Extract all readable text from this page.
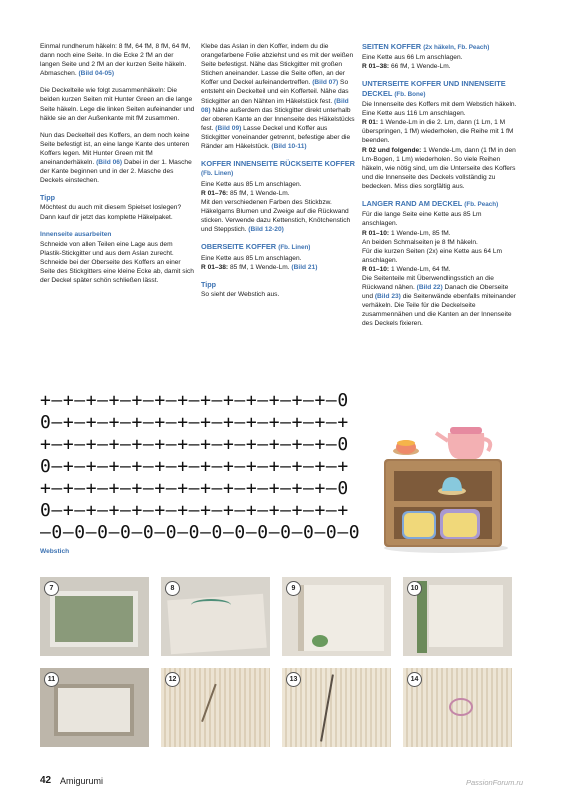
Einmal rundherum häkeln: 8 fM, 64 fM, 8 fM, 64 fM, dann noch eine Seite. In die Ecke 2 fM an der langen Seite und 2 fM an der kurzen Seite häkeln. Abmaschen. (Bild 04-05)

Die Deckelteile wie folgt zusammenhäkeln: Die beiden kurzen Seiten mit Hunter Green an die lange Seite häkeln. Lege die linken Seiten aufeinander und häkle sie an der Außenkante mit fM zusammen.

Nun das Deckelteil des Koffers, an dem noch keine Seite befestigt ist, an eine lange Kante des unteren Koffers legen. Mit Hunter Green mit fM aneinanderhäkeln. (Bild 06) Dabei in der 1. Masche der Kante beginnen und in der 2. Masche des Deckels einstechen.

Tipp

Möchtest du auch mit diesem Spielset loslegen? Dann kauf dir jetzt das komplette Häkelpaket.

Innenseite ausarbeiten

Schneide von allen Teilen eine Lage aus dem Plastik-Stickgitter und aus dem Aslan zurecht. Schneide bei der Oberseite des Koffers an einer Seite des Stickgitters eine kleine Ecke ab, damit sich der Deckel später schön schließen lässt.

Klebe das Aslan in den Koffer, indem du die orangefarbene Folie abziehst und es mit der weißen Seite befestigst. Nähe das Stickgitter mit großen Stichen aneinander. Lasse die Seite offen, an der Koffer und Deckel aufeinandertreffen. (Bild 07) So entsteht ein Deckelteil und ein Kofferteil. Nähe das Stickgitter an den Nähten im Häkelstück fest. (Bild 08) Nähe außerdem das Stickgitter direkt unterhalb der oberen Kante an der Innenseite des Häkelstücks fest. (Bild 09) Lasse Deckel und Koffer aus Stickgitter voneinander getrennt, befestige aber die Ränder am Häkelstück. (Bild 10-11)

KOFFER INNENSEITE RÜCKSEITE KOFFER (Fb. Linen)

Eine Kette aus 85 Lm anschlagen.
R 01–76: 85 fM, 1 Wende-Lm.
Mit den verschiedenen Farben des Stickbzw. Häkelgarns Blumen und Zweige auf die Rückwand sticken. Verwende dazu Kettenstich, Knötchenstich und Steppstich. (Bild 12-20)

OBERSEITE KOFFER (Fb. Linen)

Eine Kette aus 85 Lm anschlagen.
R 01–38: 85 fM, 1 Wende-Lm. (Bild 21)

Tipp

So sieht der Webstich aus.

SEITEN KOFFER (2x häkeln, Fb. Peach)

Eine Kette aus 66 Lm anschlagen.
R 01–38: 66 fM, 1 Wende-Lm.

UNTERSEITE KOFFER UND INNENSEITE DECKEL (Fb. Bone)

Die Innenseite des Koffers mit dem Webstich häkeln. Eine Kette aus 116 Lm anschlagen.
R 01: 1 Wende-Lm in die 2. Lm, dann (1 Lm, 1 M überspringen, 1 fM) wiederholen, die Reihe mit 1 fM beenden.
R 02 und folgende: 1 Wende-Lm, dann (1 fM in den Lm-Bogen, 1 Lm) wiederholen. So viele Reihen häkeln, wie nötig sind, um die Unterseite des Koffers und die Innenseite des Deckels vollständig zu bedecken. Miss dies sorgfältig aus.

LANGER RAND AM DECKEL (Fb. Peach)

Für die lange Seite eine Kette aus 85 Lm anschlagen.
R 01–10: 1 Wende-Lm, 85 fM.
An beiden Schmalseiten je 8 fM häkeln.
Für die kurzen Seiten (2x) eine Kette aus 64 Lm anschlagen.
R 01–10: 1 Wende-Lm, 64 fM.
Die Seitenteile mit Überwendlingsstich an die Rückwand nähen. (Bild 22) Danach die Oberseite und (Bild 23) die Seitenwände ebenfalls miteinander verhäkeln. Die Teile für die Deckelseite zusammennähen und die Kanten an der Innenseite des Deckels fixieren.

+‒+‒+‒+‒+‒+‒+‒+‒+‒+‒+‒+‒+‒0
0‒+‒+‒+‒+‒+‒+‒+‒+‒+‒+‒+‒+‒+
+‒+‒+‒+‒+‒+‒+‒+‒+‒+‒+‒+‒+‒0
0‒+‒+‒+‒+‒+‒+‒+‒+‒+‒+‒+‒+‒+
+‒+‒+‒+‒+‒+‒+‒+‒+‒+‒+‒+‒+‒0
0‒+‒+‒+‒+‒+‒+‒+‒+‒+‒+‒+‒+‒+
‒0‒0‒0‒0‒0‒0‒0‒0‒0‒0‒0‒0‒0‒0
Webstich
7	8	9	10
11	12	13	14
42 Amigurumi	PassionForum.ru
